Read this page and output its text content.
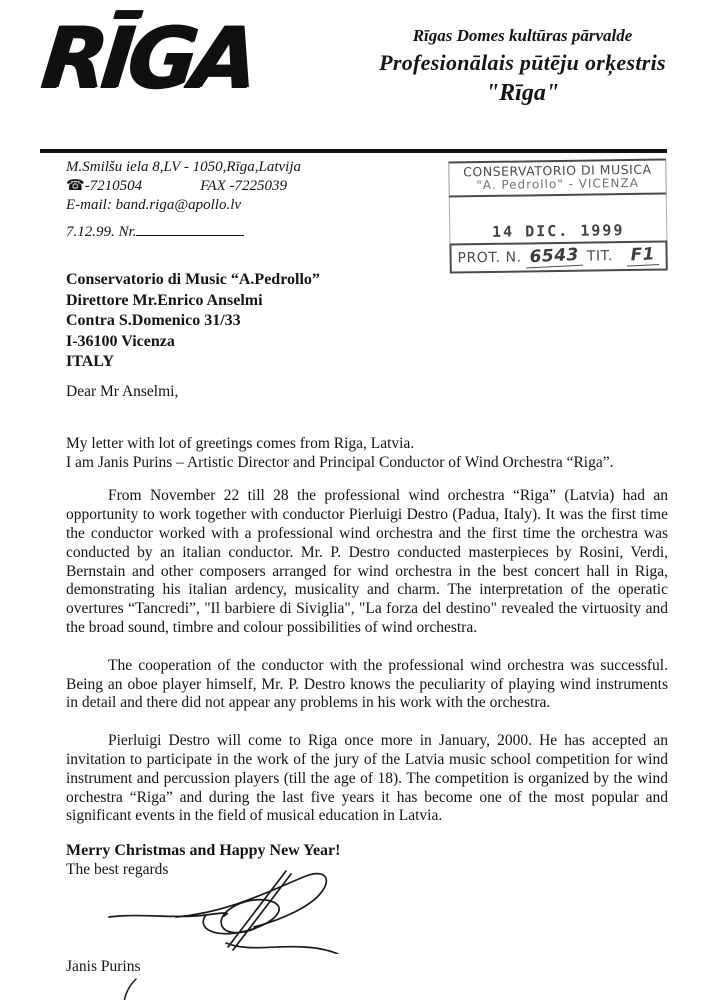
RĪGA	Rīgas Domes kultūras pārvalde
Profesionālais pūtēju orķestris
"Rīga"
M.Smilšu iela 8,LV - 1050,Rīga,Latvija
☎-7210504	FAX -7225039
E-mail: band.riga@apollo.lv
7.12.99. Nr.
CONSERVATORIO DI MUSICA
"A. Pedrollo" - VICENZA
14 DIC. 1999
PROT. N. 6543 TIT. F1
Conservatorio di Music “A.Pedrollo”
Direttore Mr.Enrico Anselmi
Contra S.Domenico 31/33
I-36100 Vicenza
ITALY

Dear Mr Anselmi,

My letter with lot of greetings comes from Riga, Latvia.

I am Janis Purins – Artistic Director and Principal Conductor of Wind Orchestra “Riga”.

From November 22 till 28 the professional wind orchestra “Riga” (Latvia) had an opportunity to work together with conductor Pierluigi Destro (Padua, Italy). It was the first time the conductor worked with a professional wind orchestra and the first time the orchestra was conducted by an italian conductor. Mr. P. Destro conducted masterpieces by Rosini, Verdi, Bernstain and other composers arranged for wind orchestra in the best concert hall in Riga, demonstrating his italian ardency, musicality and charm. The interpretation of the operatic overtures “Tancredi”, "Il barbiere di Siviglia", "La forza del destino" revealed the virtuosity and the broad sound, timbre and colour possibilities of wind orchestra.

The cooperation of the conductor with the professional wind orchestra was successful. Being an oboe player himself, Mr. P. Destro knows the peculiarity of playing wind instruments in detail and there did not appear any problems in his work with the orchestra.

Pierluigi Destro will come to Riga once more in January, 2000. He has accepted an invitation to participate in the work of the jury of the Latvia music school competition for wind instrument and percussion players (till the age of 18). The competition is organized by the wind orchestra “Riga” and during the last five years it has become one of the most popular and significant events in the field of musical education in Latvia.

Merry Christmas and Happy New Year!

The best regards

Janis Purins
